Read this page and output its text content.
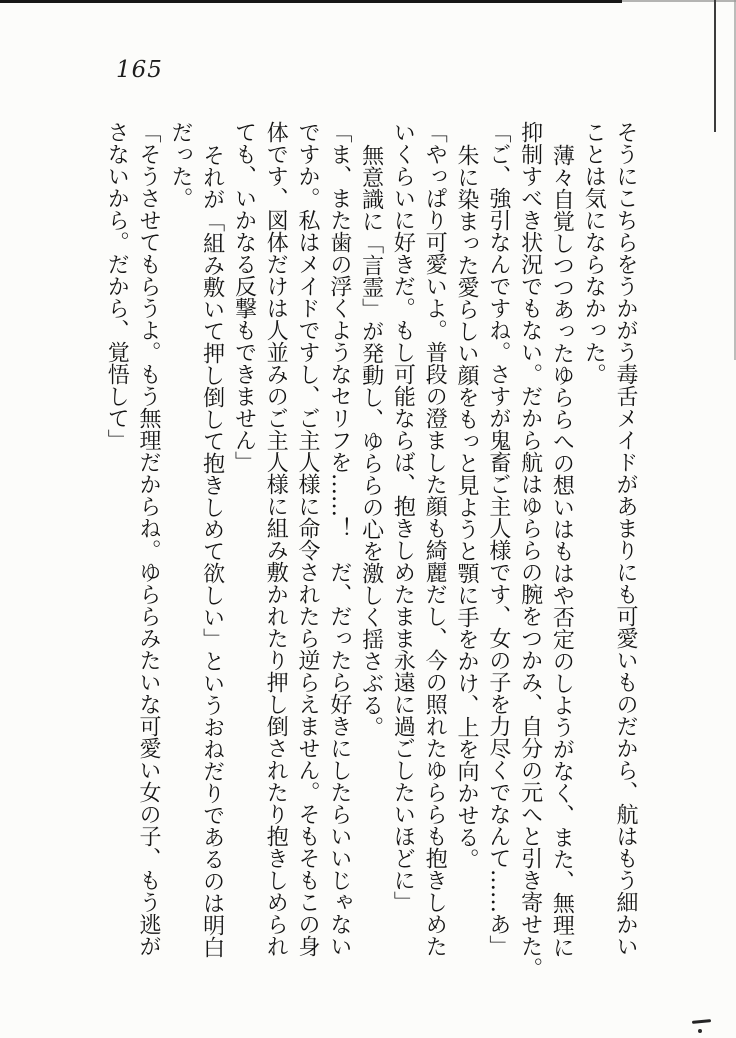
165
そうにこちらをうかがう毒舌メイドがあまりにも可愛いものだから、航はもう細かい
ことは気にならなかった。
薄々自覚しつつあったゆららへの想いはもはや否定のしようがなく、また、無理に
抑制すべき状況でもない。だから航はゆららの腕をつかみ、自分の元へと引き寄せた。
「ご、強引なんですね。さすが鬼畜ご主人様です、女の子を力尽くでなんて……あ」
朱に染まった愛らしい顔をもっと見ようと顎に手をかけ、上を向かせる。
「やっぱり可愛いよ。普段の澄ました顔も綺麗だし、今の照れたゆららも抱きしめた
いくらいに好きだ。もし可能ならば、抱きしめたまま永遠に過ごしたいほどに」
無意識に「言霊」が発動し、ゆららの心を激しく揺さぶる。
「ま、また歯の浮くようなセリフを……！　だ、だったら好きにしたらいいじゃない
ですか。私はメイドですし、ご主人様に命令されたら逆らえません。そもそもこの身
体です、図体だけは人並みのご主人様に組み敷かれたり押し倒されたり抱きしめられ
ても、いかなる反撃もできません」
それが「組み敷いて押し倒して抱きしめて欲しい」というおねだりであるのは明白
だった。
「そうさせてもらうよ。もう無理だからね。ゆららみたいな可愛い女の子、もう逃が
さないから。だから、覚悟して」
